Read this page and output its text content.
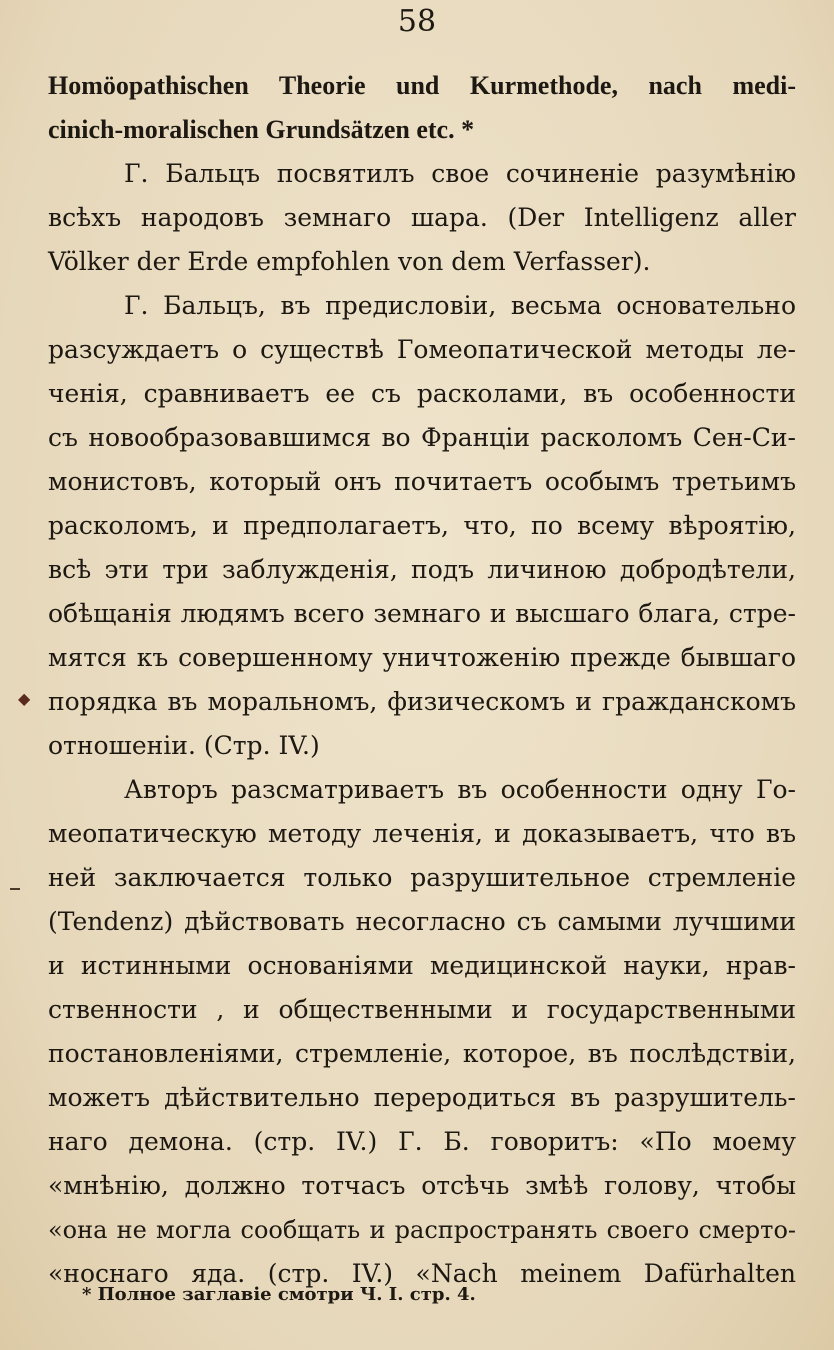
58
Homöopathischen Theorie und Kurmethode, nach medi-
cinich-moralischen Grundsätzen etc. *
Г. Бальцъ посвятилъ свое сочиненіе разумѣнію
всѣхъ народовъ земнаго шара. (Der Intelligenz aller
Völker der Erde empfohlen von dem Verfasser).
Г. Бальцъ, въ предисловіи, весьма основательно
разсуждаетъ о существѣ Гомеопатической методы ле-
ченія, сравниваетъ ее съ расколами, въ особенности
съ новообразовавшимся во Франціи расколомъ Сен-Си-
монистовъ, который онъ почитаетъ особымъ третьимъ
расколомъ, и предполагаетъ, что, по всему вѣроятію,
всѣ эти три заблужденія, подъ личиною добродѣтели,
обѣщанія людямъ всего земнаго и высшаго блага, стре-
мятся къ совершенному уничтоженію прежде бывшаго
порядка въ моральномъ, физическомъ и гражданскомъ
отношеніи. (Стр. IV.)
Авторъ разсматриваетъ въ особенности одну Го-
меопатическую методу леченія, и доказываетъ, что въ
ней заключается только разрушительное стремленіе
(Tendenz) дѣйствовать несогласно съ самыми лучшими
и истинными основаніями медицинской науки, нрав-
ственности , и общественными и государственными
постановленіями, стремленіе, которое, въ послѣдствіи,
можетъ дѣйствительно переродиться въ разрушитель-
наго демона. (стр. IV.) Г. Б. говоритъ: «По моему
«мнѣнію, должно тотчасъ отсѣчь змѣѣ голову, чтобы
«она не могла сообщать и распространять своего смерто-
«носнаго яда. (стр. IV.) «Nach meinem Dafürhalten
◆
* Полное заглавіе смотри Ч. I. стр. 4.
